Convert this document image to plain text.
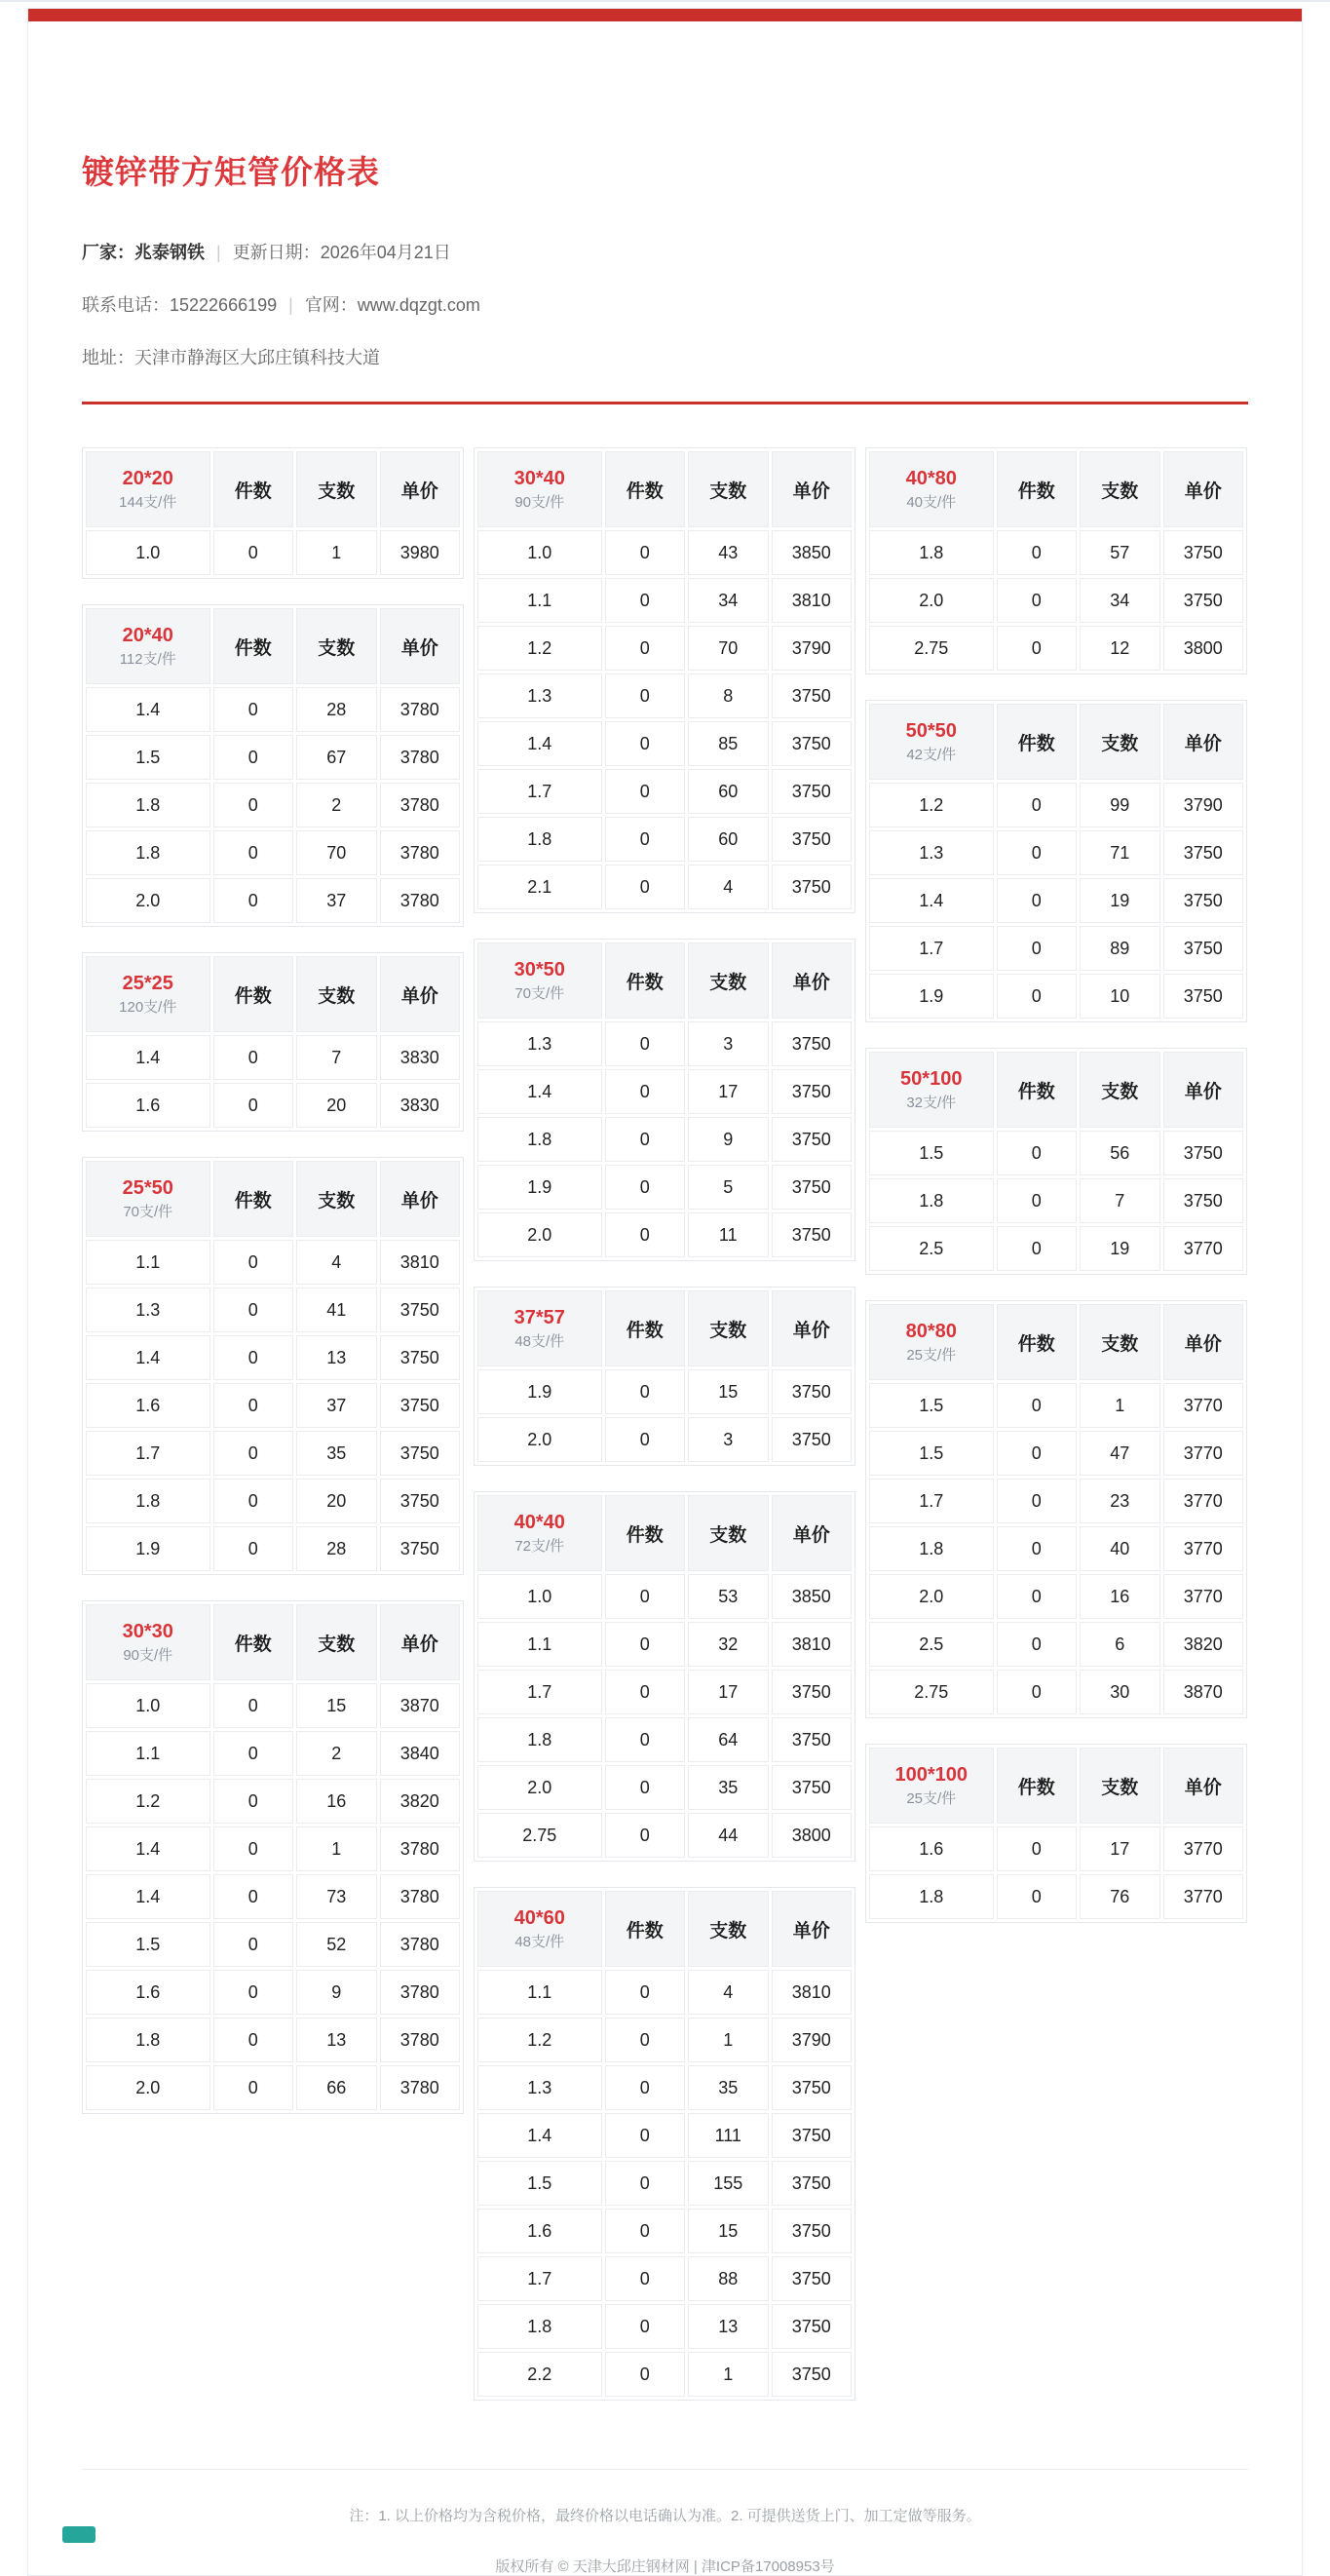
镀锌带方矩管价格表
厂家：兆泰钢铁 | 更新日期：2026年04月21日
联系电话：15222666199 | 官网：www.dqzgt.com
地址：天津市静海区大邱庄镇科技大道
20*20
144支/件	件数	支数	单价
1.0	0	1	3980
20*40
112支/件	件数	支数	单价
1.4	0	28	3780
1.5	0	67	3780
1.8	0	2	3780
1.8	0	70	3780
2.0	0	37	3780
25*25
120支/件	件数	支数	单价
1.4	0	7	3830
1.6	0	20	3830
25*50
70支/件	件数	支数	单价
1.1	0	4	3810
1.3	0	41	3750
1.4	0	13	3750
1.6	0	37	3750
1.7	0	35	3750
1.8	0	20	3750
1.9	0	28	3750
30*30
90支/件	件数	支数	单价
1.0	0	15	3870
1.1	0	2	3840
1.2	0	16	3820
1.4	0	1	3780
1.4	0	73	3780
1.5	0	52	3780
1.6	0	9	3780
1.8	0	13	3780
2.0	0	66	3780
30*40
90支/件	件数	支数	单价
1.0	0	43	3850
1.1	0	34	3810
1.2	0	70	3790
1.3	0	8	3750
1.4	0	85	3750
1.7	0	60	3750
1.8	0	60	3750
2.1	0	4	3750
30*50
70支/件	件数	支数	单价
1.3	0	3	3750
1.4	0	17	3750
1.8	0	9	3750
1.9	0	5	3750
2.0	0	11	3750
37*57
48支/件	件数	支数	单价
1.9	0	15	3750
2.0	0	3	3750
40*40
72支/件	件数	支数	单价
1.0	0	53	3850
1.1	0	32	3810
1.7	0	17	3750
1.8	0	64	3750
2.0	0	35	3750
2.75	0	44	3800
40*60
48支/件	件数	支数	单价
1.1	0	4	3810
1.2	0	1	3790
1.3	0	35	3750
1.4	0	111	3750
1.5	0	155	3750
1.6	0	15	3750
1.7	0	88	3750
1.8	0	13	3750
2.2	0	1	3750
40*80
40支/件	件数	支数	单价
1.8	0	57	3750
2.0	0	34	3750
2.75	0	12	3800
50*50
42支/件	件数	支数	单价
1.2	0	99	3790
1.3	0	71	3750
1.4	0	19	3750
1.7	0	89	3750
1.9	0	10	3750
50*100
32支/件	件数	支数	单价
1.5	0	56	3750
1.8	0	7	3750
2.5	0	19	3770
80*80
25支/件	件数	支数	单价
1.5	0	1	3770
1.5	0	47	3770
1.7	0	23	3770
1.8	0	40	3770
2.0	0	16	3770
2.5	0	6	3820
2.75	0	30	3870
100*100
25支/件	件数	支数	单价
1.6	0	17	3770
1.8	0	76	3770
注：1. 以上价格均为含税价格，最终价格以电话确认为准。2. 可提供送货上门、加工定做等服务。
版权所有 © 天津大邱庄钢材网 | 津ICP备17008953号
